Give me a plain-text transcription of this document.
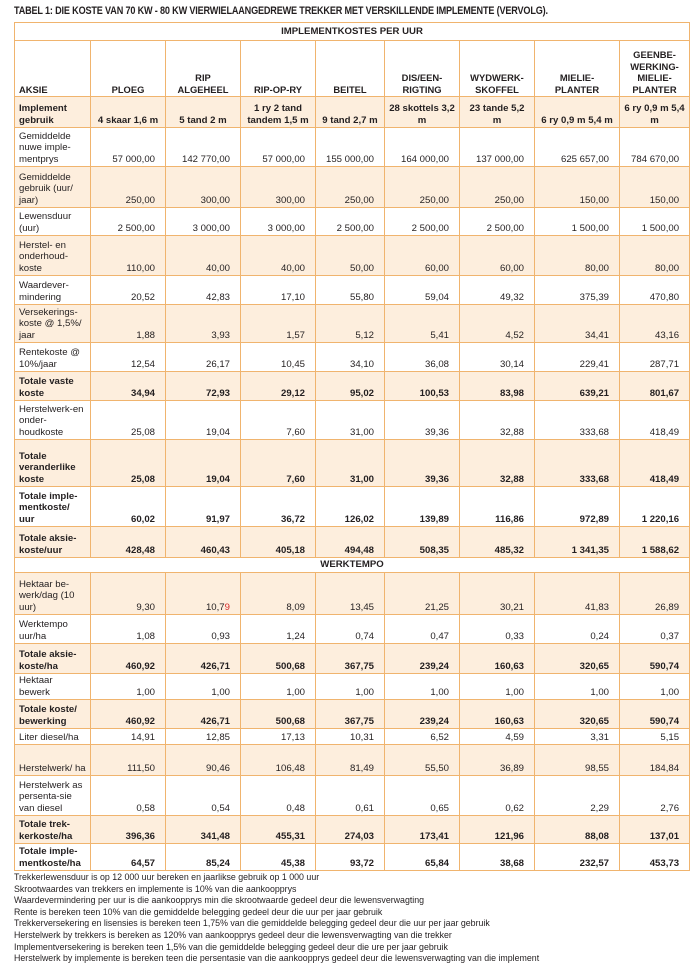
TABEL 1: DIE KOSTE VAN 70 KW - 80 KW VIERWIELAANGEDREWE TREKKER MET VERSKILLENDE IMPLEMENTE (VERVOLG).
IMPLEMENTKOSTES PER UUR								
AKSIE	PLOEG	RIP ALGEHEEL	RIP-OP-RY	BEITEL	DIS/EEN-RIGTING	WYDWERK-SKOFFEL	MIELIE-PLANTER	GEENBE-WERKING-MIELIE-PLANTER
Implement gebruik	4 skaar 1,6 m	5 tand 2 m	1 ry 2 tand tandem 1,5 m	9 tand 2,7 m	28 skottels 3,2 m	23 tande 5,2 m	6 ry 0,9 m 5,4 m	6 ry 0,9 m 5,4 m
Gemiddelde nuwe imple-mentprys	57 000,00	142 770,00	57 000,00	155 000,00	164 000,00	137 000,00	625 657,00	784 670,00
Gemiddelde gebruik (uur/ jaar)	250,00	300,00	300,00	250,00	250,00	250,00	150,00	150,00
Lewensduur (uur)	2 500,00	3 000,00	3 000,00	2 500,00	2 500,00	2 500,00	1 500,00	1 500,00
Herstel- en onderhoud-koste	110,00	40,00	40,00	50,00	60,00	60,00	80,00	80,00
Waardever-mindering	20,52	42,83	17,10	55,80	59,04	49,32	375,39	470,80
Versekerings-koste @ 1,5%/ jaar	1,88	3,93	1,57	5,12	5,41	4,52	34,41	43,16
Rentekoste @ 10%/jaar	12,54	26,17	10,45	34,10	36,08	30,14	229,41	287,71
Totale vaste koste	34,94	72,93	29,12	95,02	100,53	83,98	639,21	801,67
Herstelwerk-en onder-houdkoste	25,08	19,04	7,60	31,00	39,36	32,88	333,68	418,49
Totale veranderlike koste	25,08	19,04	7,60	31,00	39,36	32,88	333,68	418,49
Totale imple-mentkoste/ uur	60,02	91,97	36,72	126,02	139,89	116,86	972,89	1 220,16
Totale aksie-koste/uur	428,48	460,43	405,18	494,48	508,35	485,32	1 341,35	1 588,62
WERKTEMPO								
Hektaar be-werk/dag (10 uur)	9,30	10,79	8,09	13,45	21,25	30,21	41,83	26,89
Werktempo uur/ha	1,08	0,93	1,24	0,74	0,47	0,33	0,24	0,37
Totale aksie-koste/ha	460,92	426,71	500,68	367,75	239,24	160,63	320,65	590,74
Hektaar bewerk	1,00	1,00	1,00	1,00	1,00	1,00	1,00	1,00
Totale koste/ bewerking	460,92	426,71	500,68	367,75	239,24	160,63	320,65	590,74
Liter diesel/ha	14,91	12,85	17,13	10,31	6,52	4,59	3,31	5,15
Herstelwerk/ ha	111,50	90,46	106,48	81,49	55,50	36,89	98,55	184,84
Herstelwerk as persenta-sie van diesel	0,58	0,54	0,48	0,61	0,65	0,62	2,29	2,76
Totale trek-kerkoste/ha	396,36	341,48	455,31	274,03	173,41	121,96	88,08	137,01
Totale imple-mentkoste/ha	64,57	85,24	45,38	93,72	65,84	38,68	232,57	453,73
Trekkerlewensduur is op 12 000 uur bereken en jaarlikse gebruik op 1 000 uur
Skrootwaardes van trekkers en implemente is 10% van die aankoopprys
Waardevermindering per uur is die aankoopprys min die skrootwaarde gedeel deur die lewensverwagting
Rente is bereken teen 10% van die gemiddelde belegging gedeel deur die uur per jaar gebruik
Trekkerversekering en lisensies is bereken teen 1,75% van die gemiddelde belegging gedeel deur die uur per jaar gebruik
Herstelwerk by trekkers is bereken as 120% van aankoopprys gedeel deur die lewensverwagting van die trekker
Implementversekering is bereken teen 1,5% van die gemiddelde belegging gedeel deur die ure per jaar gebruik
Herstelwerk by implemente is bereken teen die persentasie van die aankoopprys gedeel deur die lewensverwagting van die implement
